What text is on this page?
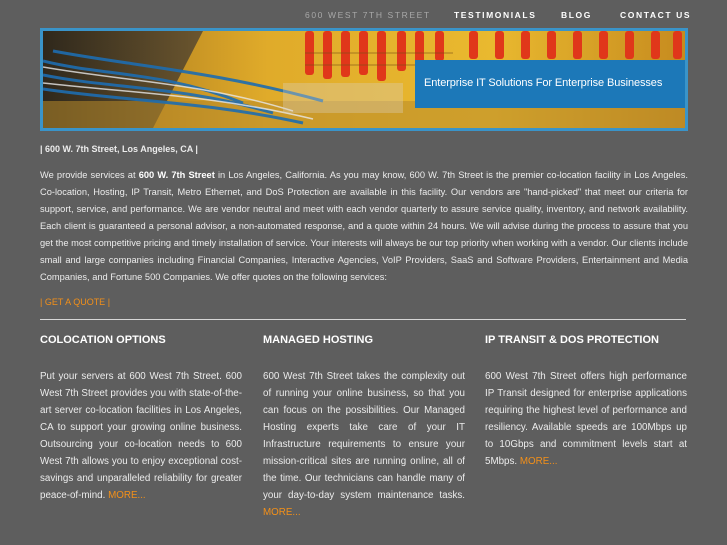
600 WEST 7TH STREET	TESTIMONIALS	BLOG	CONTACT US
Enterprise IT Solutions For Enterprise Businesses
| 600 W. 7th Street, Los Angeles, CA |

We provide services at 600 W. 7th Street in Los Angeles, California. As you may know, 600 W. 7th Street is the premier co-location facility in Los Angeles. Co-location, Hosting, IP Transit, Metro Ethernet, and DoS Protection are available in this facility. Our vendors are "hand-picked" that meet our criteria for support, service, and performance. We are vendor neutral and meet with each vendor quarterly to assure service quality, inventory, and network availability. Each client is guaranteed a personal advisor, a non-automated response, and a quote within 24 hours. We will advise during the process to assure that you get the most competitive pricing and timely installation of service. Your interests will always be our top priority when working with a vendor. Our clients include small and large companies including Financial Companies, Interactive Agencies, VoIP Providers, SaaS and Software Providers, Entertainment and Media Companies, and Fortune 500 Companies. We offer quotes on the following services:

| GET A QUOTE |
COLOCATION OPTIONS

Put your servers at 600 West 7th Street. 600 West 7th Street provides you with state-of-the-art server co-location facilities in Los Angeles, CA to support your growing online business. Outsourcing your co-location needs to 600 West 7th allows you to enjoy exceptional cost-savings and unparalleled reliability for greater peace-of-mind. MORE...

MANAGED HOSTING

600 West 7th Street takes the complexity out of running your online business, so that you can focus on the possibilities. Our Managed Hosting experts take care of your IT Infrastructure requirements to ensure your mission-critical sites are running online, all of the time. Our technicians can handle many of your day-to-day system maintenance tasks. MORE...

IP TRANSIT & DOS PROTECTION

600 West 7th Street offers high performance IP Transit designed for enterprise applications requiring the highest level of performance and resiliency. Available speeds are 100Mbps up to 10Gbps and commitment levels start at 5Mbps. MORE...
